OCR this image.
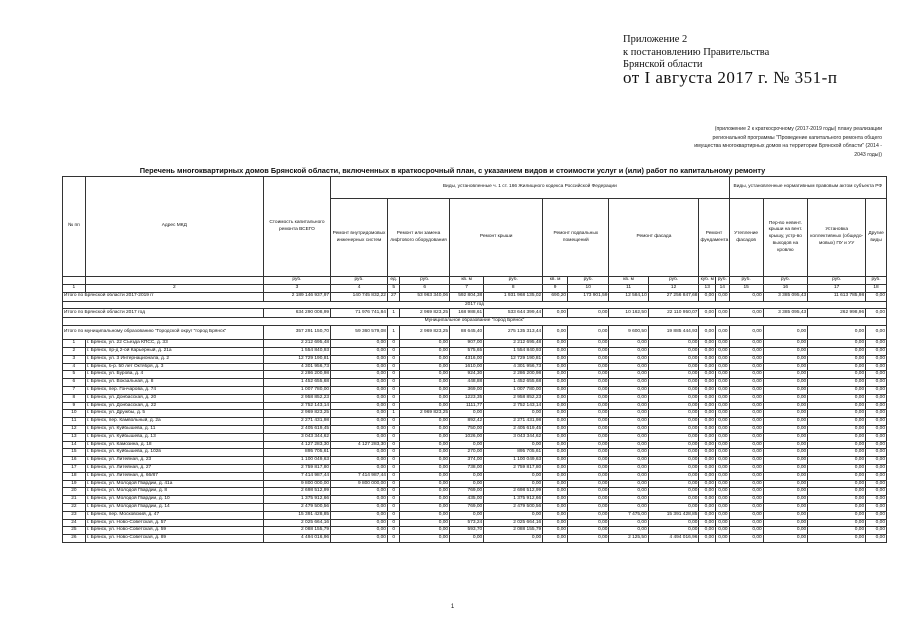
Приложение 2
к постановлению Правительства
Брянской области
от I августа 2017 г. № 351-п
(приложение 2 к краткосрочному (2017-2019 годы) плану реализации
региональной программы "Проведение капитального ремонта общего
имущества многоквартирных домов на территории Брянской области" (2014 -
2043 годы))
Перечень многоквартирных домов Брянской области, включенных в краткосрочный план, с указанием видов и стоимости услуг и (или) работ по капитальному ремонту
№ пп	Адрес МКД	Стоимость капитального ремонта ВСЕГО	Виды, установленные ч. 1 ст. 166 Жилищного кодекса Российской Федерации											Виды, установленные нормативным правовым актом субъекта РФ			
			Ремонт внутридомовых инженерных систем	Ремонт или замена лифтового оборудования		Ремонт крыши		Ремонт подвальных помещений		Ремонт фасада		Ремонт фундамента		Утепление фасадов	Пер-во невент. крыши на вент. крышу, устр-во выходов на кровлю	Установка коллективных (общедо-мовых) ПУ и УУ	Другие виды
		руб.	руб.	ед.	руб.	кв. м	руб.	кв. м	руб.	кв. м	руб.	куб. м	руб.	руб.	руб.	руб.	руб.
1	2	3	4	5	6	7	8	9	10	11	12	13	14	15	16	17	18
Итого по Брянской области 2017-2019 гг		2 189 146 937,97	140 745 832,22	27	53 963 340,06	592 804,38	1 931 968 135,02	690,20	173 901,59	12 584,10	27 256 847,68	0,00	0,00	0,00	3 385 095,43	11 613 785,98	0,00
2017 год																	
Итого по Брянской области 2017 год		634 290 008,99	71 976 741,84	1	2 969 823,25	168 988,61	533 644 399,44	0,00	0,00	10 162,50	22 110 950,07	0,00	0,00	0,00	3 385 095,43	262 998,96	0,00
Муниципальное образование "город Брянск"																	
Итого по муниципальному образованию "Городской округ "город Брянск"		357 291 150,70	59 360 579,08	1	2 969 823,25	88 645,40	275 135 313,44	0,00	0,00	9 600,50	19 885 444,93	0,00	0,00	0,00	0,00	0,00	0,00
1	г. Брянск, ул. 22 Съезда КПСС, д. 33	2 212 695,48	0,00	0	0,00	907,00	2 212 695,48	0,00	0,00	0,00	0,00	0,00	0,00	0,00	0,00	0,00	0,00
2	г. Брянск, пр-д 2-ой Карьерный, д. 21а	1 554 840,93	0,00	0	0,00	575,65	1 554 840,93	0,00	0,00	0,00	0,00	0,00	0,00	0,00	0,00	0,00	0,00
3	г. Брянск, ул. 3 Интернационала, д. 2	12 729 190,81	0,00	0	0,00	4316,00	12 729 190,81	0,00	0,00	0,00	0,00	0,00	0,00	0,00	0,00	0,00	0,00
4	г. Брянск, б-р. 50 лет Октября, д. 3	4 301 956,73	0,00	0	0,00	1610,00	4 301 956,73	0,00	0,00	0,00	0,00	0,00	0,00	0,00	0,00	0,00	0,00
5	г. Брянск, ул. Бурова, д. 4	2 286 200,98	0,00	0	0,00	924,30	2 286 200,98	0,00	0,00	0,00	0,00	0,00	0,00	0,00	0,00	0,00	0,00
6	г. Брянск, ул. Вокзальная, д. 8	1 452 655,68	0,00	0	0,00	448,88	1 452 655,68	0,00	0,00	0,00	0,00	0,00	0,00	0,00	0,00	0,00	0,00
7	г. Брянск, пер. Гончарова, д. 74	1 007 780,00	0,00	0	0,00	369,00	1 007 780,00	0,00	0,00	0,00	0,00	0,00	0,00	0,00	0,00	0,00	0,00
8	г. Брянск, ул. Донбасская, д. 20	2 958 852,23	0,00	0	0,00	1223,35	2 958 852,23	0,00	0,00	0,00	0,00	0,00	0,00	0,00	0,00	0,00	0,00
9	г. Брянск, ул. Донбасская, д. 22	2 752 143,14	0,00	0	0,00	1111,77	2 752 143,14	0,00	0,00	0,00	0,00	0,00	0,00	0,00	0,00	0,00	0,00
10	г. Брянск, ул. Дружбы, д. 5	2 969 823,25	0,00	1	2 969 823,25	0,00	0,00	0,00	0,00	0,00	0,00	0,00	0,00	0,00	0,00	0,00	0,00
11	г. Брянск, пер. Камвольный, д. 2а	2 271 431,98	0,00	0	0,00	892,42	2 271 431,98	0,00	0,00	0,00	0,00	0,00	0,00	0,00	0,00	0,00	0,00
12	г. Брянск, ул. Куйбышева, д. 11	2 405 619,45	0,00	0	0,00	750,00	2 405 619,45	0,00	0,00	0,00	0,00	0,00	0,00	0,00	0,00	0,00	0,00
13	г. Брянск, ул. Куйбышева, д. 13	3 043 344,62	0,00	0	0,00	1026,00	3 043 344,62	0,00	0,00	0,00	0,00	0,00	0,00	0,00	0,00	0,00	0,00
14	г. Брянск, ул. Камозина, д. 18	4 127 283,30	4 127 283,30	0	0,00	0,00	0,00	0,00	0,00	0,00	0,00	0,00	0,00	0,00	0,00	0,00	0,00
15	г. Брянск, ул. Куйбышева, д. 102в	895 705,61	0,00	0	0,00	270,00	895 705,61	0,00	0,00	0,00	0,00	0,00	0,00	0,00	0,00	0,00	0,00
16	г. Брянск, ул. Литейная, д. 23	1 100 049,63	0,00	0	0,00	374,00	1 100 049,63	0,00	0,00	0,00	0,00	0,00	0,00	0,00	0,00	0,00	0,00
17	г. Брянск, ул. Литейная, д. 27	2 759 817,80	0,00	0	0,00	738,00	2 759 817,80	0,00	0,00	0,00	0,00	0,00	0,00	0,00	0,00	0,00	0,00
18	г. Брянск, ул. Литейная, д. 66/87	7 414 987,44	7 414 987,44	0	0,00	0,00	0,00	0,00	0,00	0,00	0,00	0,00	0,00	0,00	0,00	0,00	0,00
19	г. Брянск, ул. Молодой Гвардии, д. 41а	9 800 000,00	9 800 000,00	0	0,00	0,00	0,00	0,00	0,00	0,00	0,00	0,00	0,00	0,00	0,00	0,00	0,00
20	г. Брянск, ул. Молодой Гвардии, д. 8	2 698 512,99	0,00	0	0,00	769,00	2 698 512,99	0,00	0,00	0,00	0,00	0,00	0,00	0,00	0,00	0,00	0,00
21	г. Брянск, ул. Молодой Гвардии, д. 10	1 375 912,66	0,00	0	0,00	435,00	1 375 912,66	0,00	0,00	0,00	0,00	0,00	0,00	0,00	0,00	0,00	0,00
22	г. Брянск, ул. Молодой Гвардии, д. 14	2 479 500,56	0,00	0	0,00	769,00	2 479 500,56	0,00	0,00	0,00	0,00	0,00	0,00	0,00	0,00	0,00	0,00
23	г. Брянск, пер. Московский, д. 47	15 391 428,85	0,00	0	0,00	0,00	0,00	0,00	0,00	7 475,00	15 391 428,85	0,00	0,00	0,00	0,00	0,00	0,00
24	г. Брянск, ул. Ново-Советская, д. 57	2 025 664,16	0,00	0	0,00	573,24	2 025 664,16	0,00	0,00	0,00	0,00	0,00	0,00	0,00	0,00	0,00	0,00
25	г. Брянск, ул. Ново-Советская, д. 59	2 088 155,79	0,00	0	0,00	593,70	2 088 155,79	0,00	0,00	0,00	0,00	0,00	0,00	0,00	0,00	0,00	0,00
26	г. Брянск, ул. Ново-Советская, д. 89	4 494 016,96	0,00	0	0,00	0,00	0,00	0,00	0,00	2 125,50	4 494 016,96	0,00	0,00	0,00	0,00	0,00	0,00
1
